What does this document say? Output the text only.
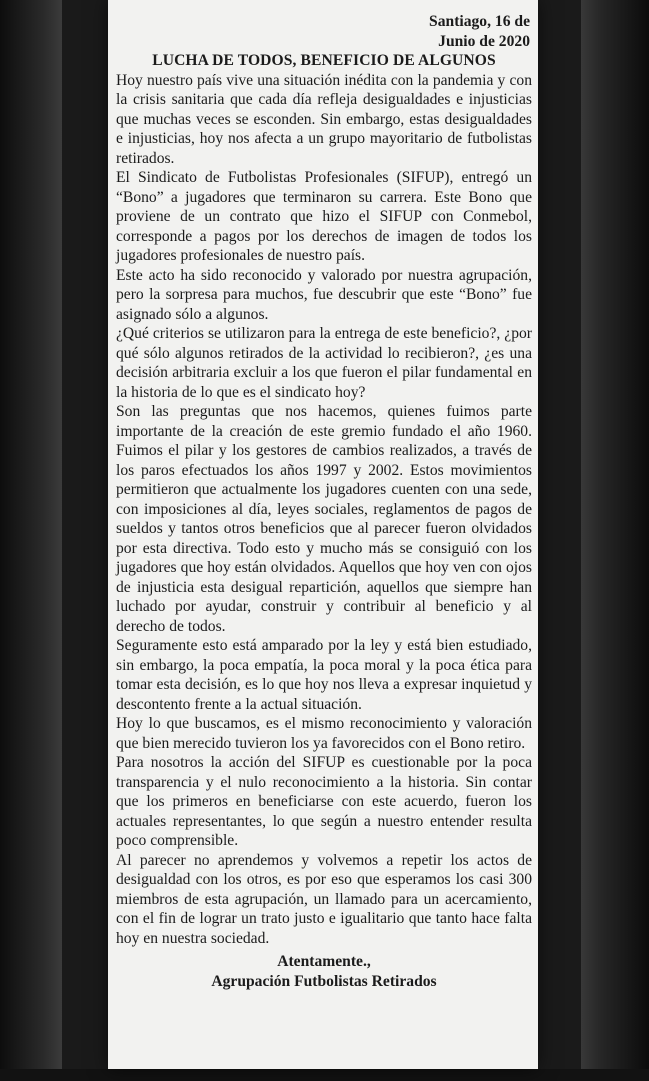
Santiago, 16 de

Junio de 2020

LUCHA DE TODOS, BENEFICIO DE ALGUNOS

Hoy nuestro país vive una situación inédita con la pandemia y con la crisis sanitaria que cada día refleja desigualdades e injusticias que muchas veces se esconden. Sin embargo, estas desigualdades e injusticias, hoy nos afecta a un grupo mayoritario de futbolistas retirados.

El Sindicato de Futbolistas Profesionales (SIFUP), entregó un “Bono” a jugadores que terminaron su carrera. Este Bono que proviene de un contrato que hizo el SIFUP con Conmebol, corresponde a pagos por los derechos de imagen de todos los jugadores profesionales de nuestro país.

Este acto ha sido reconocido y valorado por nuestra agrupación, pero la sorpresa para muchos, fue descubrir que este “Bono” fue asignado sólo a algunos.

¿Qué criterios se utilizaron para la entrega de este beneficio?, ¿por qué sólo algunos retirados de la actividad lo recibieron?, ¿es una decisión arbitraria excluir a los que fueron el pilar fundamental en la historia de lo que es el sindicato hoy?

Son las preguntas que nos hacemos, quienes fuimos parte importante de la creación de este gremio fundado el año 1960. Fuimos el pilar y los gestores de cambios realizados, a través de los paros efectuados los años 1997 y 2002. Estos movimientos permitieron que actualmente los jugadores cuenten con una sede, con imposiciones al día, leyes sociales, reglamentos de pagos de sueldos y tantos otros beneficios que al parecer fueron olvidados por esta directiva. Todo esto y mucho más se consiguió con los jugadores que hoy están olvidados. Aquellos que hoy ven con ojos de injusticia esta desigual repartición, aquellos que siempre han luchado por ayudar, construir y contribuir al beneficio y al derecho de todos.

Seguramente esto está amparado por la ley y está bien estudiado, sin embargo, la poca empatía, la poca moral y la poca ética para tomar esta decisión, es lo que hoy nos lleva a expresar inquietud y descontento frente a la actual situación.

Hoy lo que buscamos, es el mismo reconocimiento y valoración que bien merecido tuvieron los ya favorecidos con el Bono retiro.

Para nosotros la acción del SIFUP es cuestionable por la poca transparencia y el nulo reconocimiento a la historia. Sin contar que los primeros en beneficiarse con este acuerdo, fueron los actuales representantes, lo que según a nuestro entender resulta poco comprensible.

Al parecer no aprendemos y volvemos a repetir los actos de desigualdad con los otros, es por eso que esperamos los casi 300 miembros de esta agrupación, un llamado para un acercamiento, con el fin de lograr un trato justo e igualitario que tanto hace falta hoy en nuestra sociedad.

Atentamente.,

Agrupación Futbolistas Retirados
